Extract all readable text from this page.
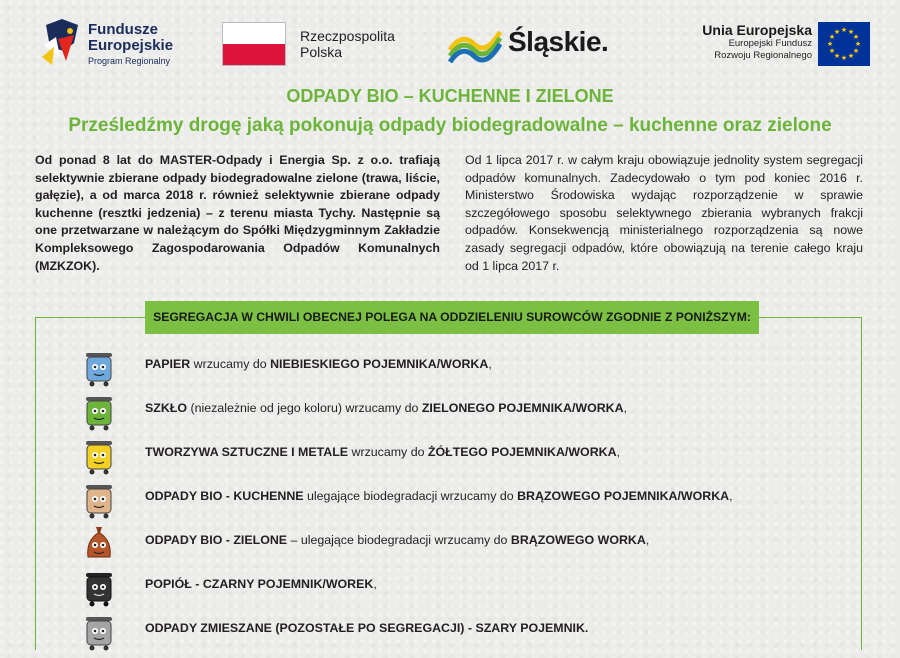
Fundusze
Europejskie
Program Regionalny
Rzeczpospolita
Polska	Śląskie.	Unia Europejska
Europejski Fundusz
Rozwoju Regionalnego
★ ★
★
★
★
★
★
★
★
★
★
★
ODPADY BIO – KUCHENNE I ZIELONE
Prześledźmy drogę jaką pokonują odpady biodegradowalne – kuchenne oraz zielone

Od ponad 8 lat do MASTER-Odpady i Energia Sp. z o.o. trafiają selektywnie zbierane odpady biodegradowalne zielone (trawa, liście, gałęzie), a od marca 2018 r. również selektywnie zbierane odpady kuchenne (resztki jedzenia) – z terenu miasta Tychy. Następnie są one przetwarzane w należącym do Spółki Międzygminnym Zakładzie Kompleksowego Zagospodarowania Odpadów Komunalnych (MZKZOK).

Od 1 lipca 2017 r. w całym kraju obowiązuje jednolity system segregacji odpadów komunalnych. Zadecydowało o tym pod koniec 2016 r. Ministerstwo Środowiska wydając rozporządzenie w sprawie szczegółowego sposobu selektywnego zbierania wybranych frakcji odpadów. Konsekwencją ministerialnego rozporządzenia są nowe zasady segregacji odpadów, które obowiązują na terenie całego kraju od 1 lipca 2017 r.

SEGREGACJA W CHWILI OBECNEJ POLEGA NA ODDZIELENIU SUROWCÓW ZGODNIE Z PONIŻSZYM:
PAPIER wrzucamy do NIEBIESKIEGO POJEMNIKA/WORKA,
SZKŁO (niezależnie od jego koloru) wrzucamy do ZIELONEGO POJEMNIKA/WORKA,
TWORZYWA SZTUCZNE I METALE wrzucamy do ŻÓŁTEGO POJEMNIKA/WORKA,
ODPADY BIO - KUCHENNE ulegające biodegradacji wrzucamy do BRĄZOWEGO POJEMNIKA/WORKA,
ODPADY BIO - ZIELONE – ulegające biodegradacji wrzucamy do BRĄZOWEGO WORKA,
POPIÓŁ - CZARNY POJEMNIK/WOREK,
ODPADY ZMIESZANE (POZOSTAŁE PO SEGREGACJI) - SZARY POJEMNIK.
